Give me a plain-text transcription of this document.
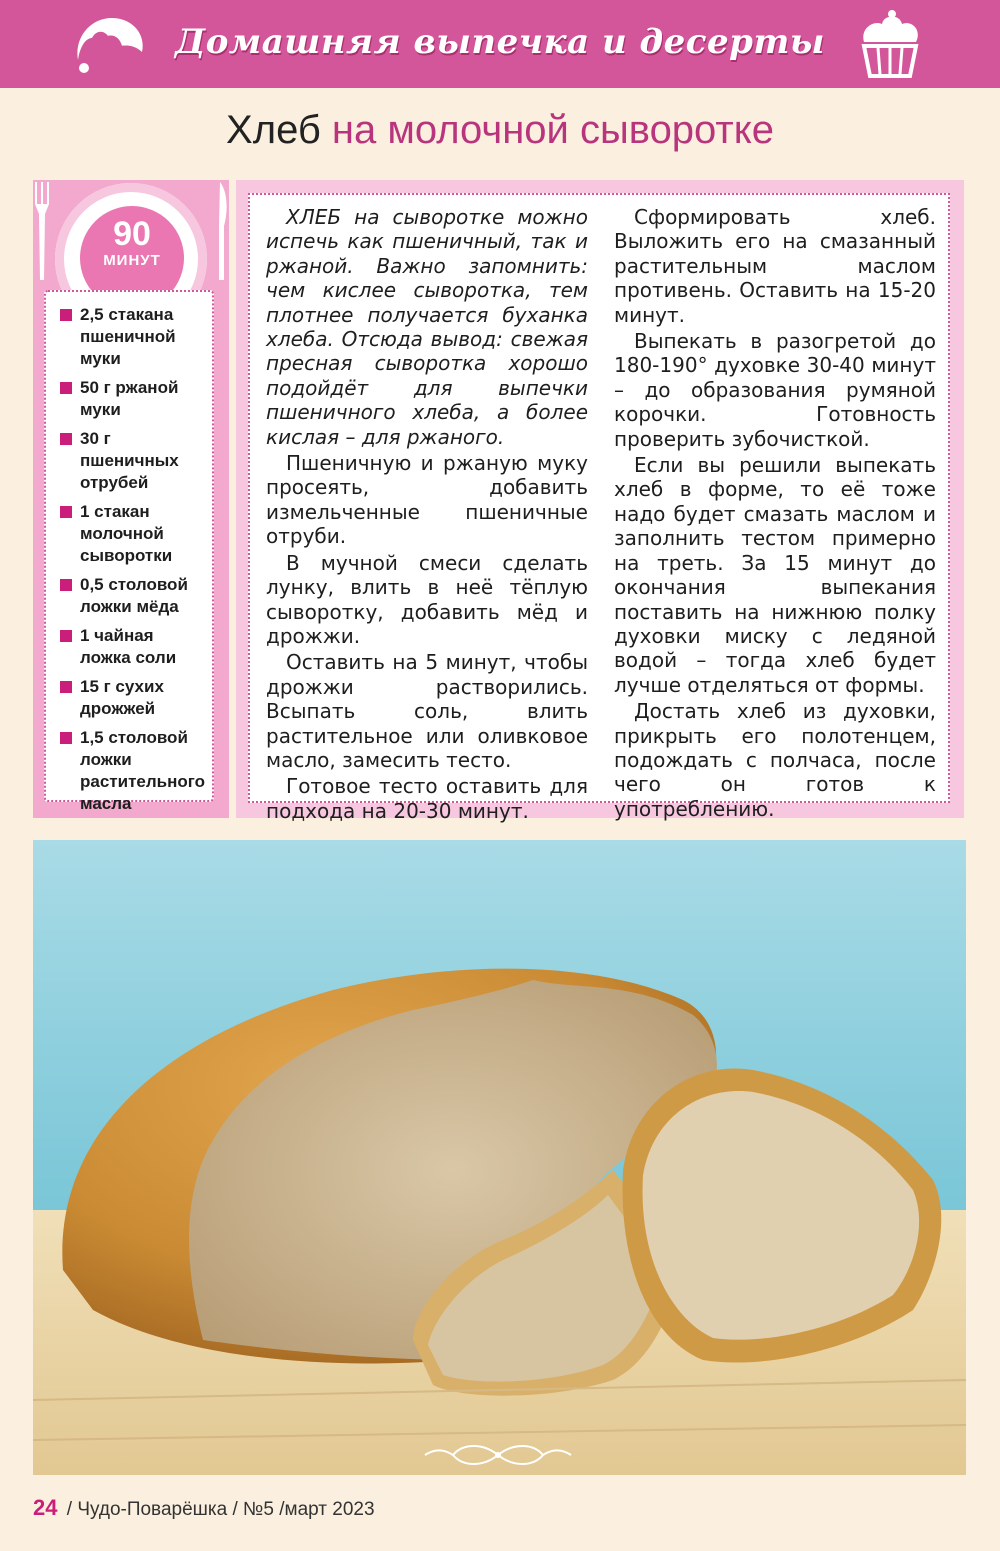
Домашняя выпечка и десерты
Хлеб на молочной сыворотке
90
МИНУТ
2,5 стакана пшеничной муки
50 г ржаной муки
30 г пшеничных отрубей
1 стакан молочной сыворотки
0,5 столовой ложки мёда
1 чайная ложка соли
15 г сухих дрожжей
1,5 столовой ложки растительного масла

ХЛЕБ на сыворотке можно испечь как пшеничный, так и ржаной. Важно запомнить: чем кислее сыворотка, тем плотнее получается буханка хлеба. Отсюда вывод: свежая пресная сыворотка хорошо подойдёт для выпечки пшеничного хлеба, а более кислая – для ржаного.

Пшеничную и ржаную муку просеять, добавить измельченные пшеничные отруби.

В мучной смеси сделать лунку, влить в неё тёплую сыворотку, добавить мёд и дрожжи.

Оставить на 5 минут, чтобы дрожжи растворились. Всыпать соль, влить растительное или оливковое масло, замесить тесто.

Готовое тесто оставить для подхода на 20-30 минут.

Сформировать хлеб. Выложить его на смазанный растительным маслом противень. Оставить на 15-20 минут.

Выпекать в разогретой до 180-190° духовке 30-40 минут – до образования румяной корочки. Готовность проверить зубочисткой.

Если вы решили выпекать хлеб в форме, то её тоже надо будет смазать маслом и заполнить тестом примерно на треть. За 15 минут до окончания выпекания поставить на нижнюю полку духовки миску с ледяной водой – тогда хлеб будет лучше отделяться от формы.

Достать хлеб из духовки, прикрыть его полотенцем, подождать с полчаса, после чего он готов к употреблению.

24 / Чудо-Поварёшка / №5 /март 2023
